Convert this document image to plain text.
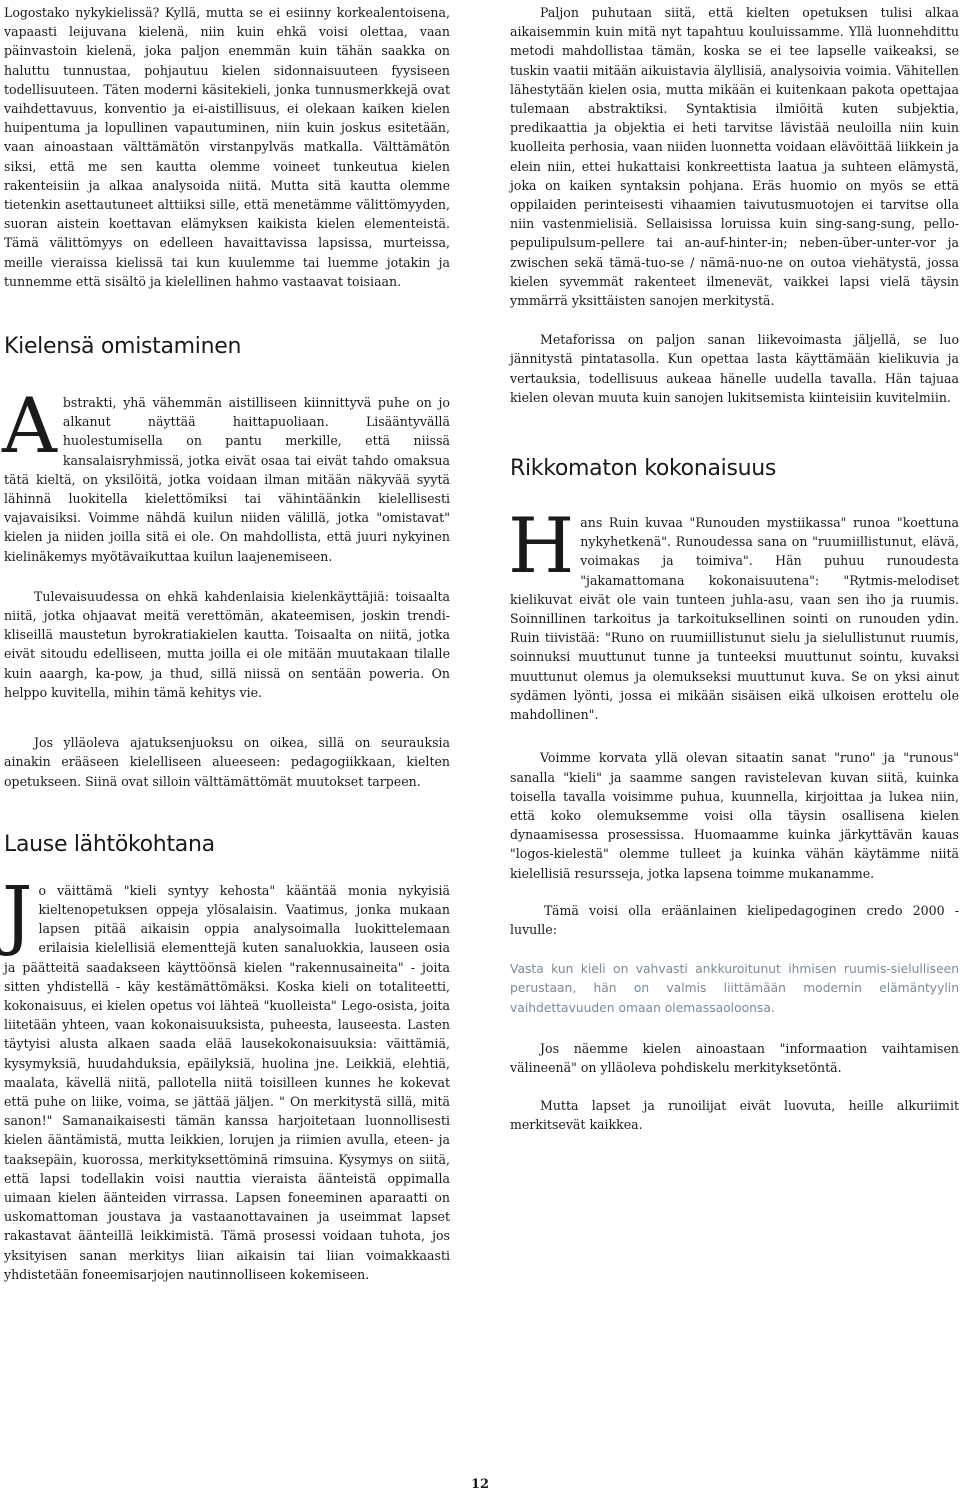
Logostako nykykielissä? Kyllä, mutta se ei esiinny korkealentoisena, vapaasti leijuvana kielenä, niin kuin ehkä voisi olettaa, vaan päinvastoin kielenä, joka paljon enemmän kuin tähän saakka on haluttu tunnustaa, pohjautuu kielen sidonnaisuuteen fyysiseen todellisuuteen. Täten moderni käsitekieli, jonka tunnusmerkkejä ovat vaihdettavuus, konventio ja ei-aistillisuus, ei olekaan kaiken kielen huipentuma ja lopullinen vapautuminen, niin kuin joskus esitetään, vaan ainoastaan välttämätön virstanpylväs matkalla. Välttämätön siksi, että me sen kautta olemme voineet tunkeutua kielen rakenteisiin ja alkaa analysoida niitä. Mutta sitä kautta olemme tietenkin asettautuneet alttiiksi sille, että menetämme välittömyyden, suoran aistein koettavan elämyksen kaikista kielen elementeistä. Tämä välittömyys on edelleen havaittavissa lapsissa, murteissa, meille vieraissa kielissä tai kun kuulemme tai luemme jotakin ja tunnemme että sisältö ja kielellinen hahmo vastaavat toisiaan.

Kielensä omistaminen

Abstrakti, yhä vähemmän aistilliseen kiinnittyvä puhe on jo alkanut näyttää haittapuoliaan. Lisääntyvällä huolestumisella on pantu merkille, että niissä kansalaisryhmissä, jotka eivät osaa tai eivät tahdo omaksua tätä kieltä, on yksilöitä, jotka voidaan ilman mitään näkyvää syytä lähinnä luokitella kielettömiksi tai vähintäänkin kielellisesti vajavaisiksi. Voimme nähdä kuilun niiden välillä, jotka "omistavat" kielen ja niiden joilla sitä ei ole. On mahdollista, että juuri nykyinen kielinäkemys myötävaikuttaa kuilun laajenemiseen.

Tulevaisuudessa on ehkä kahdenlaisia kielenkäyttäjiä: toisaalta niitä, jotka ohjaavat meitä verettömän, akateemisen, joskin trendi-kliseillä maustetun byrokratiakielen kautta. Toisaalta on niitä, jotka eivät sitoudu edelliseen, mutta joilla ei ole mitään muutakaan tilalle kuin aaargh, ka-pow, ja thud, sillä niissä on sentään poweria. On helppo kuvitella, mihin tämä kehitys vie.

Jos ylläoleva ajatuksenjuoksu on oikea, sillä on seurauksia ainakin erääseen kielelliseen alueeseen: pedagogiikkaan, kielten opetukseen. Siinä ovat silloin välttämättömät muutokset tarpeen.

Lause lähtökohtana

Jo väittämä "kieli syntyy kehosta" kääntää monia nykyisiä kieltenopetuksen oppeja ylösalaisin. Vaatimus, jonka mukaan lapsen pitää aikaisin oppia analysoimalla luokittelemaan erilaisia kielellisiä elementtejä kuten sanaluokkia, lauseen osia ja päätteitä saadakseen käyttöönsä kielen "rakennusaineita" - joita sitten yhdistellä - käy kestämättömäksi. Koska kieli on totaliteetti, kokonaisuus, ei kielen opetus voi lähteä "kuolleista" Lego-osista, joita liitetään yhteen, vaan kokonaisuuksista, puheesta, lauseesta. Lasten täytyisi alusta alkaen saada elää lausekokonaisuuksia: väittämiä, kysymyksiä, huudahduksia, epäilyksiä, huolina jne. Leikkiä, elehtiä, maalata, kävellä niitä, pallotella niitä toisilleen kunnes he kokevat että puhe on liike, voima, se jättää jäljen. " On merkitystä sillä, mitä sanon!" Samanaikaisesti tämän kanssa harjoitetaan luonnollisesti kielen ääntämistä, mutta leikkien, lorujen ja riimien avulla, eteen- ja taaksepäin, kuorossa, merkityksettöminä rimsuina. Kysymys on siitä, että lapsi todellakin voisi nauttia vieraista äänteistä oppimalla uimaan kielen äänteiden virrassa. Lapsen foneeminen aparaatti on uskomattoman joustava ja vastaanottavainen ja useimmat lapset rakastavat äänteillä leikkimistä. Tämä prosessi voidaan tuhota, jos yksityisen sanan merkitys liian aikaisin tai liian voimakkaasti yhdistetään foneemisarjojen nautinnolliseen kokemiseen.

Paljon puhutaan siitä, että kielten opetuksen tulisi alkaa aikaisemmin kuin mitä nyt tapahtuu kouluissamme. Yllä luonnehdittu metodi mahdollistaa tämän, koska se ei tee lapselle vaikeaksi, se tuskin vaatii mitään aikuistavia älyllisiä, analysoivia voimia. Vähitellen lähestytään kielen osia, mutta mikään ei kuitenkaan pakota opettajaa tulemaan abstraktiksi. Syntaktisia ilmiöitä kuten subjektia, predikaattia ja objektia ei heti tarvitse lävistää neuloilla niin kuin kuolleita perhosia, vaan niiden luonnetta voidaan elävöittää liikkein ja elein niin, ettei hukattaisi konkreettista laatua ja suhteen elämystä, joka on kaiken syntaksin pohjana. Eräs huomio on myös se että oppilaiden perinteisesti vihaamien taivutusmuotojen ei tarvitse olla niin vastenmielisiä. Sellaisissa loruissa kuin sing-sang-sung, pello-pepulipulsum-pellere tai an-auf-hinter-in; neben-über-unter-vor ja zwischen sekä tämä-tuo-se / nämä-nuo-ne on outoa viehätystä, jossa kielen syvemmät rakenteet ilmenevät, vaikkei lapsi vielä täysin ymmärrä yksittäisten sanojen merkitystä.

Metaforissa on paljon sanan liikevoimasta jäljellä, se luo jännitystä pintatasolla. Kun opettaa lasta käyttämään kielikuvia ja vertauksia, todellisuus aukeaa hänelle uudella tavalla. Hän tajuaa kielen olevan muuta kuin sanojen lukitsemista kiinteisiin kuvitelmiin.

Rikkomaton kokonaisuus

Hans Ruin kuvaa "Runouden mystiikassa" runoa "koettuna nykyhetkenä". Runoudessa sana on "ruumiillistunut, elävä, voimakas ja toimiva". Hän puhuu runoudesta "jakamattomana kokonaisuutena": "Rytmis-melodiset kielikuvat eivät ole vain tunteen juhla-asu, vaan sen iho ja ruumis. Soinnillinen tarkoitus ja tarkoituksellinen sointi on runouden ydin. Ruin tiivistää: "Runo on ruumiillistunut sielu ja sielullistunut ruumis, soinnuksi muuttunut tunne ja tunteeksi muuttunut sointu, kuvaksi muuttunut olemus ja olemukseksi muuttunut kuva. Se on yksi ainut sydämen lyönti, jossa ei mikään sisäisen eikä ulkoisen erottelu ole mahdollinen".

Voimme korvata yllä olevan sitaatin sanat "runo" ja "runous" sanalla "kieli" ja saamme sangen ravistelevan kuvan siitä, kuinka toisella tavalla voisimme puhua, kuunnella, kirjoittaa ja lukea niin, että koko olemuksemme voisi olla täysin osallisena kielen dynaamisessa prosessissa. Huomaamme kuinka järkyttävän kauas "logos-kielestä" olemme tulleet ja kuinka vähän käytämme niitä kielellisiä resursseja, jotka lapsena toimme mukanamme.

Tämä voisi olla eräänlainen kielipedagoginen credo 2000 -luvulle:

Vasta kun kieli on vahvasti ankkuroitunut ihmisen ruumis-sielulliseen perustaan, hän on valmis liittämään modernin elämäntyylin vaihdettavuuden omaan olemassaoloonsa.

Jos näemme kielen ainoastaan "informaation vaihtamisen välineenä" on ylläoleva pohdiskelu merkityksetöntä.

Mutta lapset ja runoilijat eivät luovuta, heille alkuriimit merkitsevät kaikkea.

12
